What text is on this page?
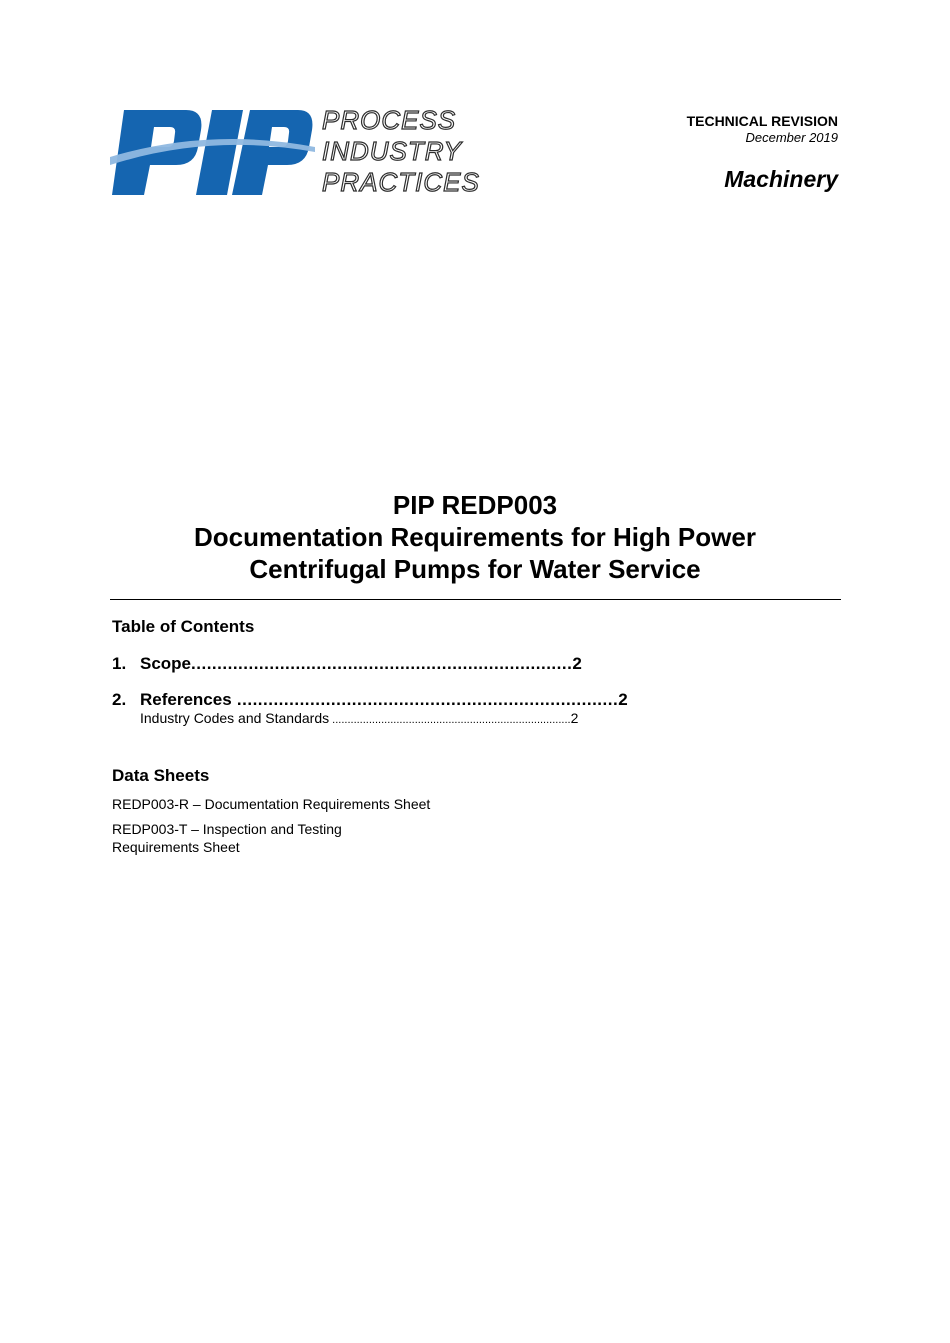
PROCESS
INDUSTRY
PRACTICES
TECHNICAL REVISION
December 2019
Machinery
PIP REDP003
Documentation Requirements for High Power
Centrifugal Pumps for Water Service
Table of Contents
1. Scope ......................................................................... 2
2. References ......................................................................... 2
Industry Codes and Standards .............................................................................. 2
Data Sheets
REDP003-R – Documentation Requirements Sheet
REDP003-T – Inspection and Testing Requirements Sheet
